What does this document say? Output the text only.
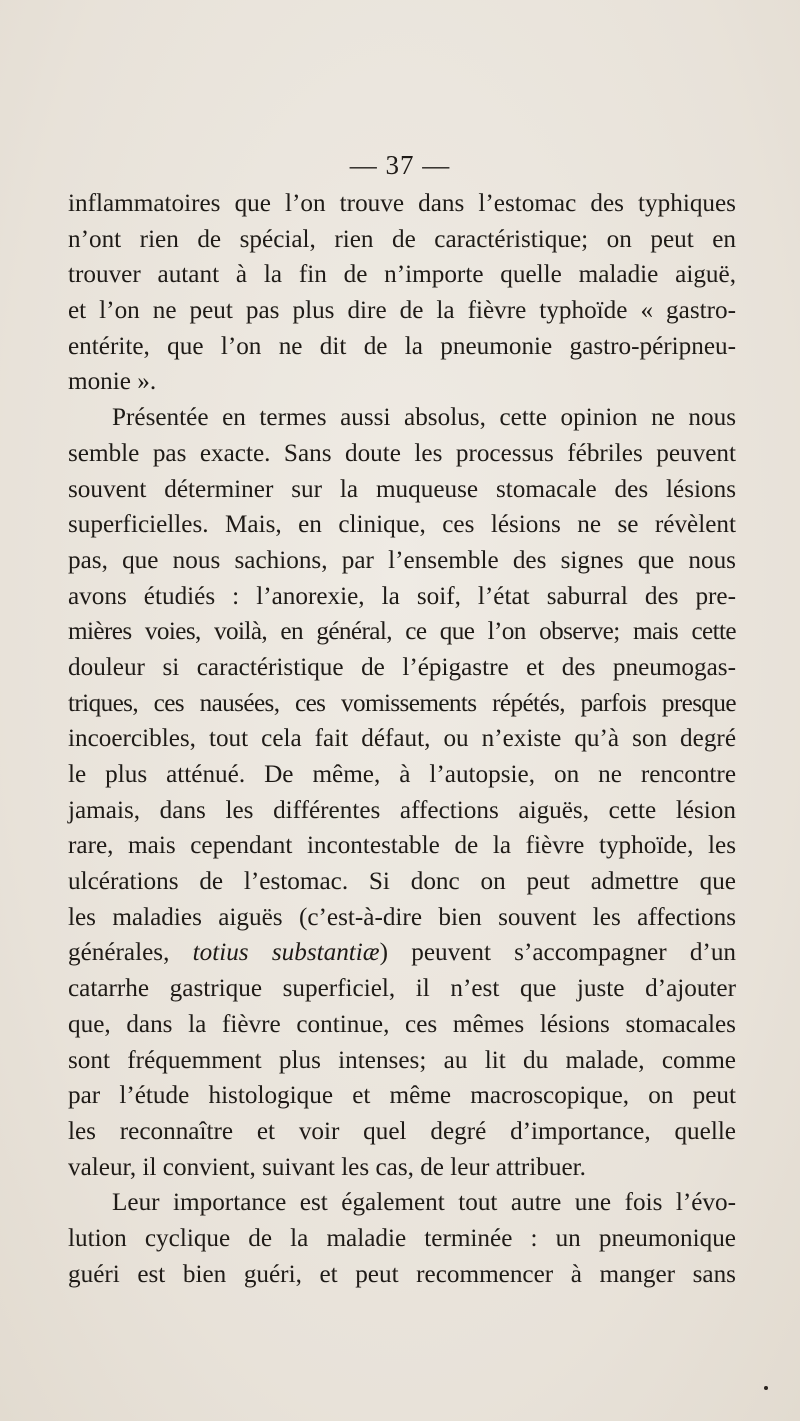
— 37 —
inflammatoires que l’on trouve dans l’estomac des typhiques
n’ont rien de spécial, rien de caractéristique; on peut en
trouver autant à la fin de n’importe quelle maladie aiguë,
et l’on ne peut pas plus dire de la fièvre typhoïde « gastro-
entérite, que l’on ne dit de la pneumonie gastro-péripneu-
monie ».
Présentée en termes aussi absolus, cette opinion ne nous
semble pas exacte. Sans doute les processus fébriles peuvent
souvent déterminer sur la muqueuse stomacale des lésions
superficielles. Mais, en clinique, ces lésions ne se révèlent
pas, que nous sachions, par l’ensemble des signes que nous
avons étudiés : l’anorexie, la soif, l’état saburral des pre-
mières voies, voilà, en général, ce que l’on observe; mais cette
douleur si caractéristique de l’épigastre et des pneumogas-
triques, ces nausées, ces vomissements répétés, parfois presque
incoercibles, tout cela fait défaut, ou n’existe qu’à son degré
le plus atténué. De même, à l’autopsie, on ne rencontre
jamais, dans les différentes affections aiguës, cette lésion
rare, mais cependant incontestable de la fièvre typhoïde, les
ulcérations de l’estomac. Si donc on peut admettre que
les maladies aiguës (c’est-à-dire bien souvent les affections
générales, totius substantiæ) peuvent s’accompagner d’un
catarrhe gastrique superficiel, il n’est que juste d’ajouter
que, dans la fièvre continue, ces mêmes lésions stomacales
sont fréquemment plus intenses; au lit du malade, comme
par l’étude histologique et même macroscopique, on peut
les reconnaître et voir quel degré d’importance, quelle
valeur, il convient, suivant les cas, de leur attribuer.
Leur importance est également tout autre une fois l’évo-
lution cyclique de la maladie terminée : un pneumonique
guéri est bien guéri, et peut recommencer à manger sans
